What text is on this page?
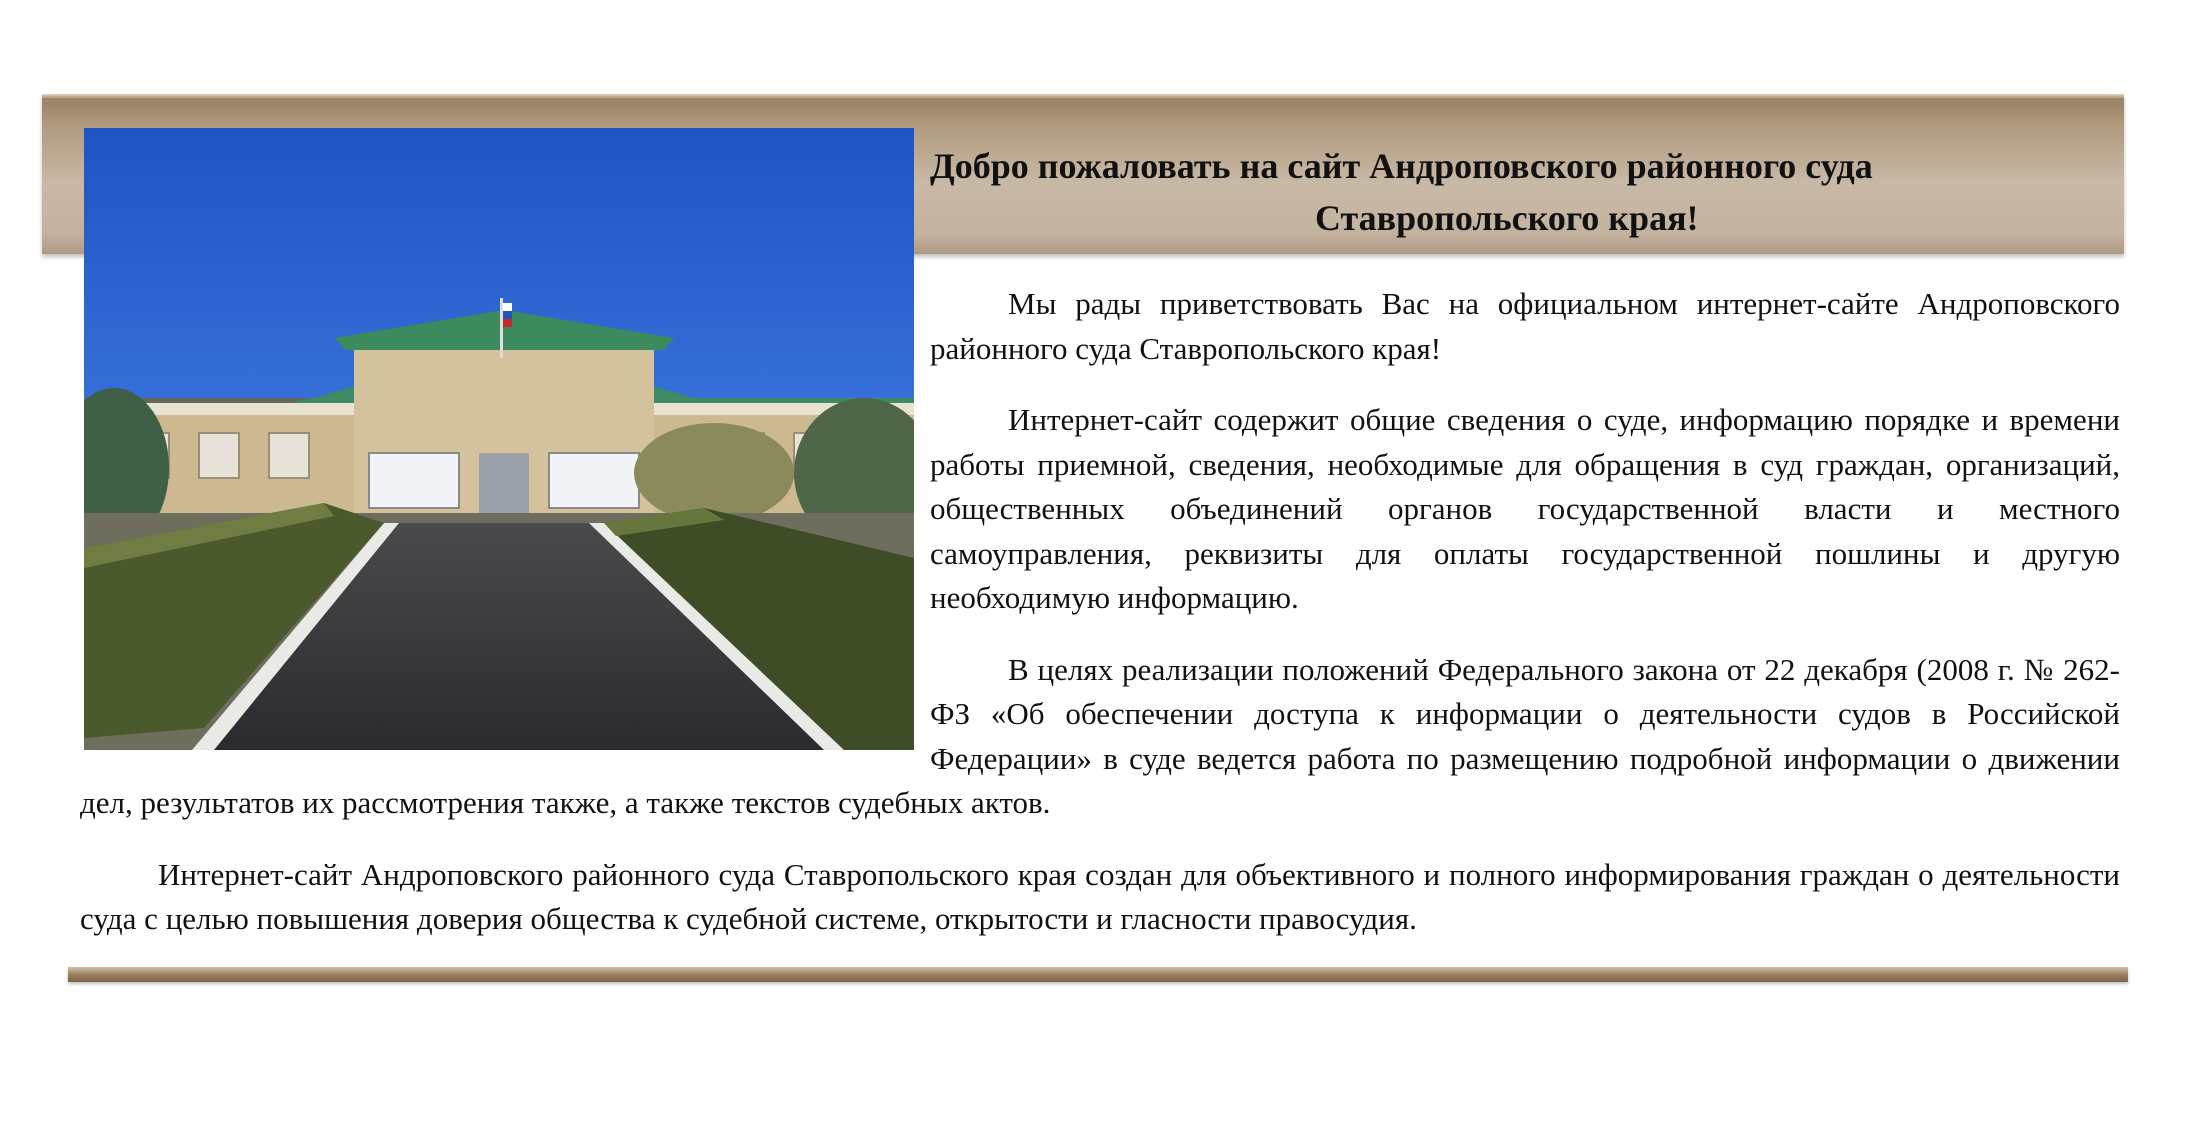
Добро пожаловать на сайт Андроповского районного суда
Ставропольского края!

Мы рады приветствовать Вас на официальном интернет-сайте Андроповского районного суда Ставропольского края!

Интернет-сайт содержит общие сведения о суде, информацию порядке и времени работы приемной, сведения, необходимые для обращения в суд граждан, организаций, общественных объединений органов государственной власти и местного самоуправления, реквизиты для оплаты государственной пошлины и другую необходимую информацию.

В целях реализации положений Федерального закона от 22 декабря (2008 г. № 262-ФЗ «Об обеспечении доступа к информации о деятельности судов в Российской Федерации» в суде ведется работа по размещению подробной информации о движении дел, результатов их рассмотрения также, а также текстов судебных актов.

Интернет-сайт Андроповского районного суда Ставропольского края создан для объективного и полного информирования граждан о деятельности суда с целью повышения доверия общества к судебной системе, открытости и гласности правосудия.
